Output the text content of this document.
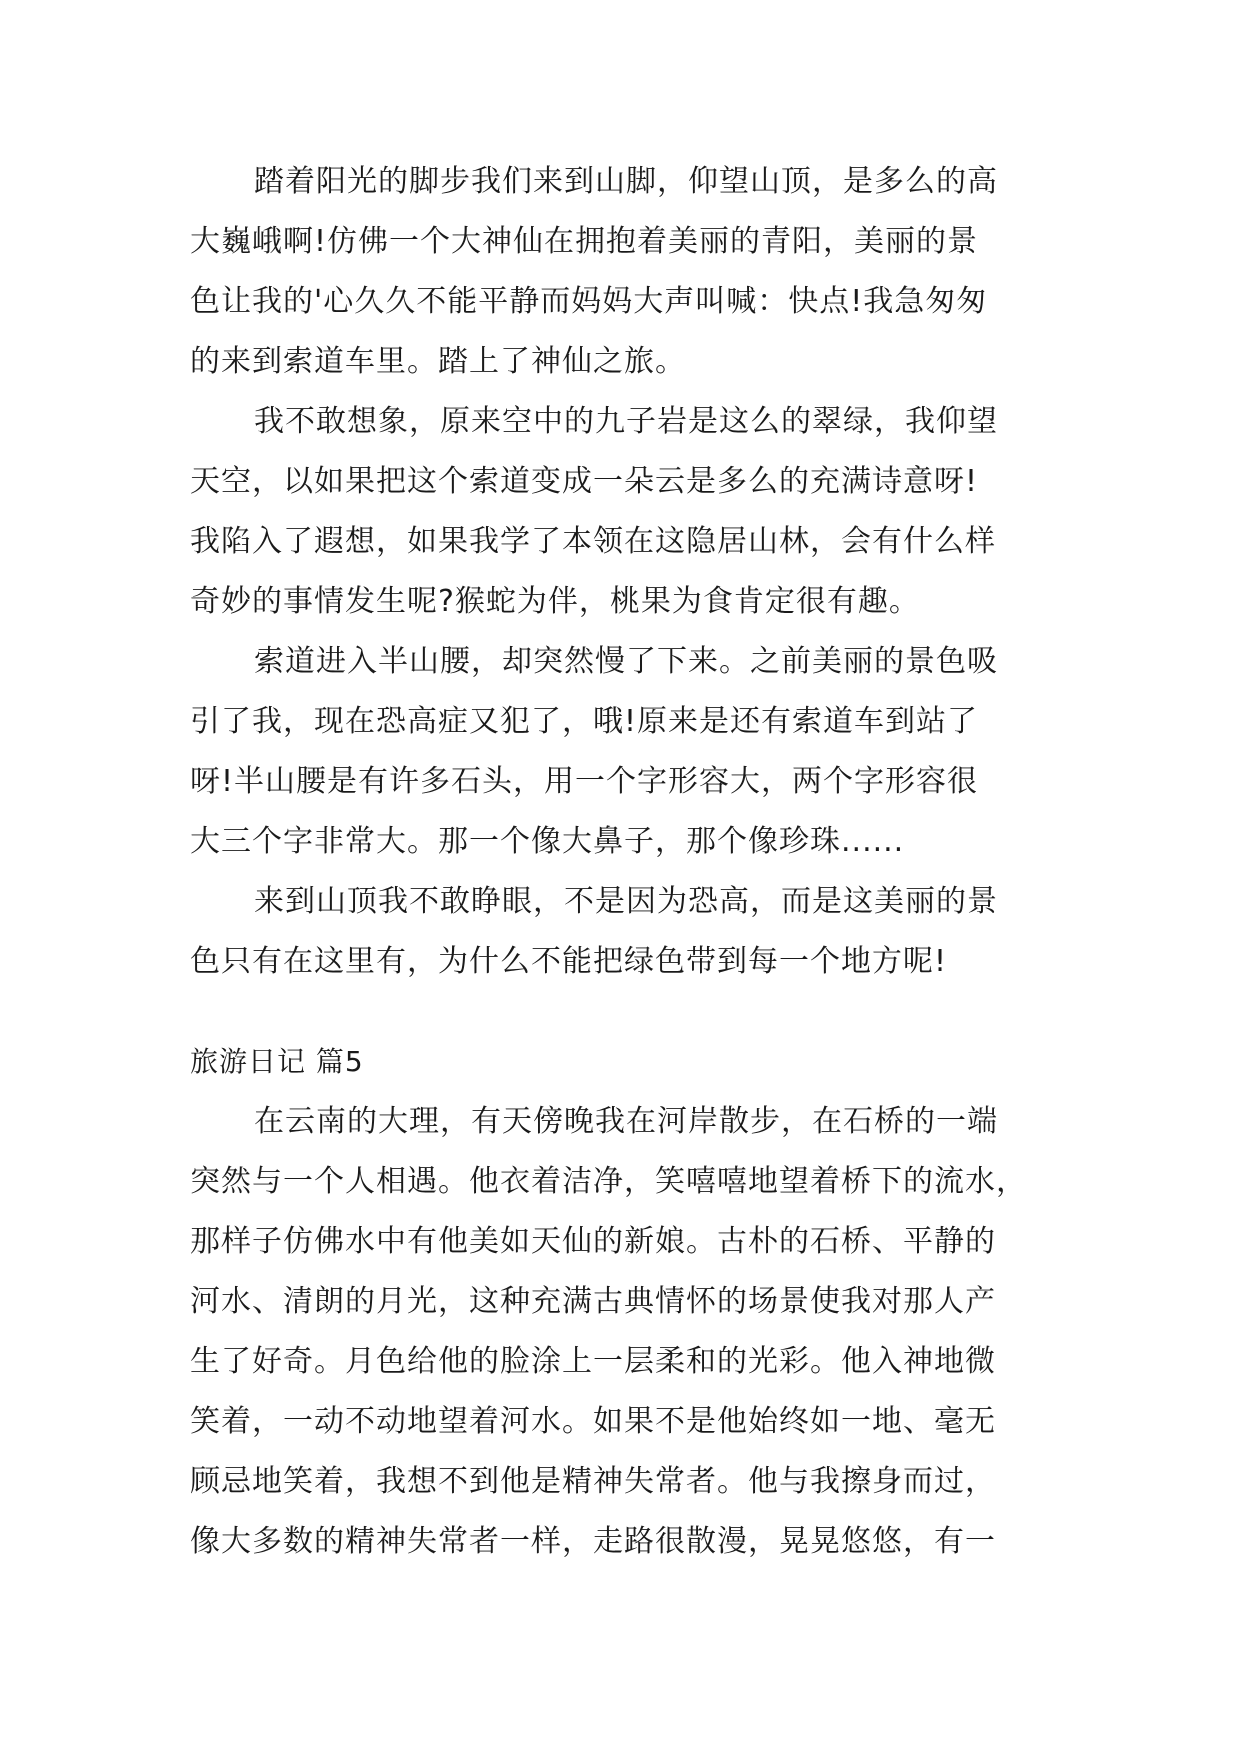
踏着阳光的脚步我们来到山脚，仰望山顶，是多么的高
大巍峨啊!仿佛一个大神仙在拥抱着美丽的青阳，美丽的景
色让我的'心久久不能平静而妈妈大声叫喊：快点!我急匆匆
的来到索道车里。踏上了神仙之旅。
我不敢想象，原来空中的九子岩是这么的翠绿，我仰望
天空，以如果把这个索道变成一朵云是多么的充满诗意呀!
我陷入了遐想，如果我学了本领在这隐居山林，会有什么样
奇妙的事情发生呢?猴蛇为伴，桃果为食肯定很有趣。
索道进入半山腰，却突然慢了下来。之前美丽的景色吸
引了我，现在恐高症又犯了，哦!原来是还有索道车到站了
呀!半山腰是有许多石头，用一个字形容大，两个字形容很
大三个字非常大。那一个像大鼻子，那个像珍珠......
来到山顶我不敢睁眼，不是因为恐高，而是这美丽的景
色只有在这里有，为什么不能把绿色带到每一个地方呢!
旅游日记 篇5
在云南的大理，有天傍晚我在河岸散步，在石桥的一端
突然与一个人相遇。他衣着洁净，笑嘻嘻地望着桥下的流水，
那样子仿佛水中有他美如天仙的新娘。古朴的石桥、平静的
河水、清朗的月光，这种充满古典情怀的场景使我对那人产
生了好奇。月色给他的脸涂上一层柔和的光彩。他入神地微
笑着，一动不动地望着河水。如果不是他始终如一地、毫无
顾忌地笑着，我想不到他是精神失常者。他与我擦身而过，
像大多数的精神失常者一样，走路很散漫，晃晃悠悠，有一
